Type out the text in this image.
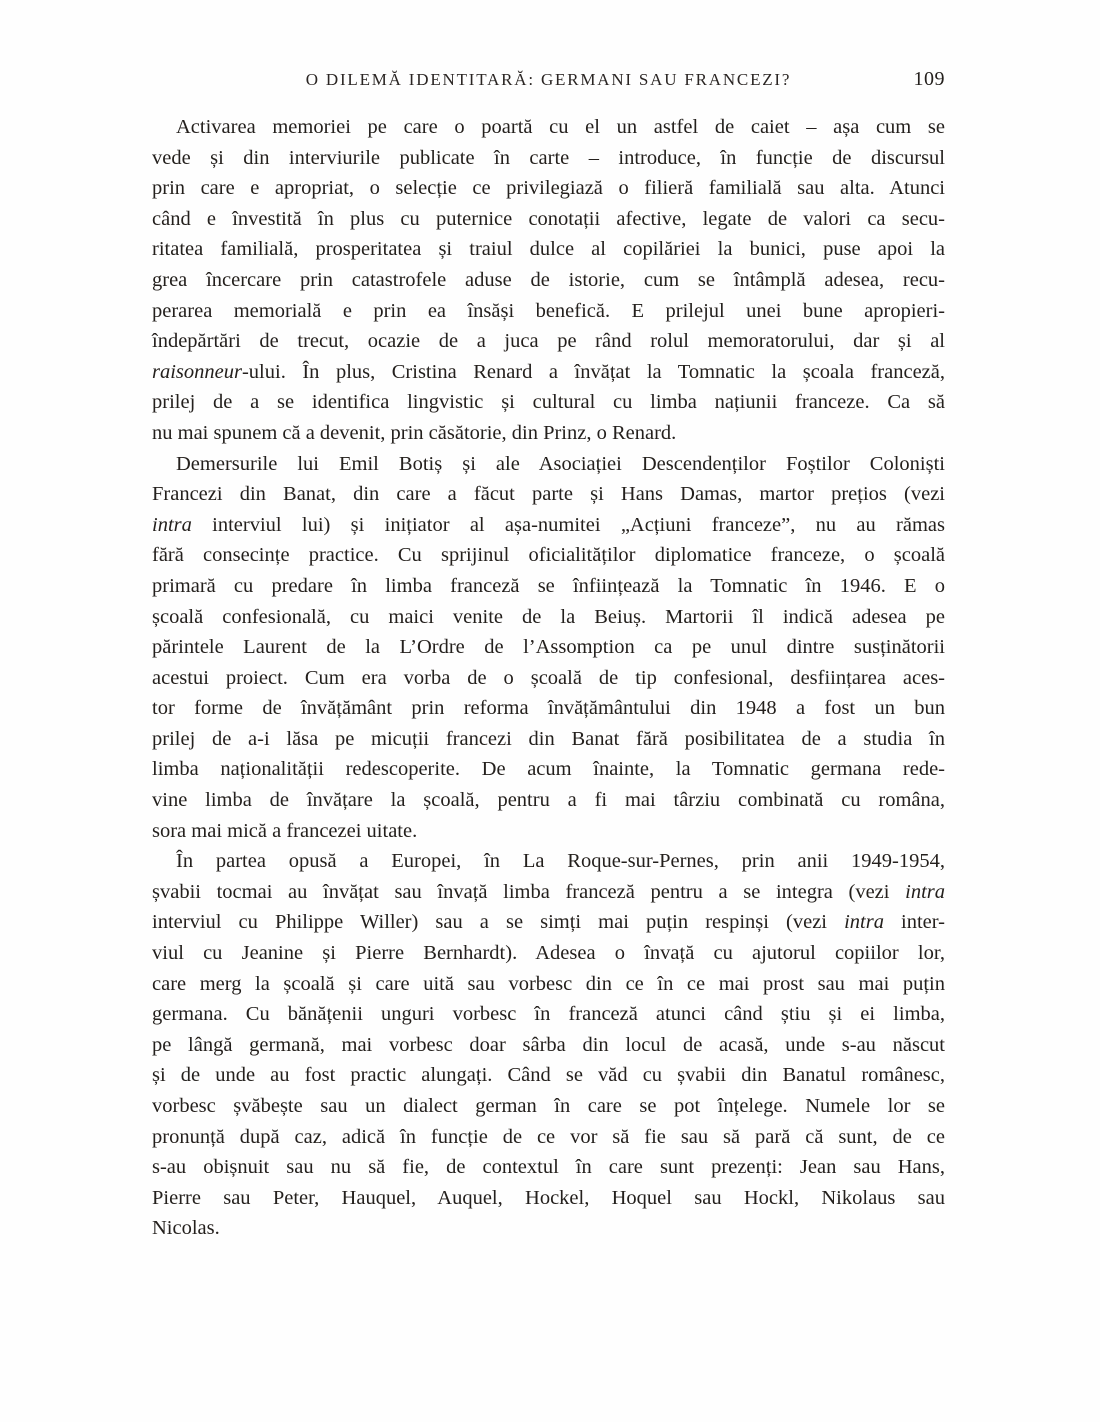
O DILEMĂ IDENTITARĂ: GERMANI SAU FRANCEZI?	109
Activarea memoriei pe care o poartă cu el un astfel de caiet – așa cum se
vede și din interviurile publicate în carte – introduce, în funcție de discursul
prin care e apropriat, o selecție ce privilegiază o filieră familială sau alta. Atunci
când e învestită în plus cu puternice conotații afective, legate de valori ca secu-
ritatea familială, prosperitatea și traiul dulce al copilăriei la bunici, puse apoi la
grea încercare prin catastrofele aduse de istorie, cum se întâmplă adesea, recu-
perarea memorială e prin ea însăși benefică. E prilejul unei bune apropieri-
îndepărtări de trecut, ocazie de a juca pe rând rolul memoratorului, dar și al
raisonneur-ului. În plus, Cristina Renard a învățat la Tomnatic la școala franceză,
prilej de a se identifica lingvistic și cultural cu limba națiunii franceze. Ca să
nu mai spunem că a devenit, prin căsătorie, din Prinz, o Renard.
Demersurile lui Emil Botiș și ale Asociației Descendenților Foștilor Coloniști
Francezi din Banat, din care a făcut parte și Hans Damas, martor prețios (vezi
intra interviul lui) și inițiator al așa-numitei „Acțiuni franceze”, nu au rămas
fără consecințe practice. Cu sprijinul oficialităților diplomatice franceze, o școală
primară cu predare în limba franceză se înființează la Tomnatic în 1946. E o
școală confesională, cu maici venite de la Beiuș. Martorii îl indică adesea pe
părintele Laurent de la L’Ordre de l’Assomption ca pe unul dintre susținătorii
acestui proiect. Cum era vorba de o școală de tip confesional, desființarea aces-
tor forme de învățământ prin reforma învățământului din 1948 a fost un bun
prilej de a-i lăsa pe micuții francezi din Banat fără posibilitatea de a studia în
limba naționalității redescoperite. De acum înainte, la Tomnatic germana rede-
vine limba de învățare la școală, pentru a fi mai târziu combinată cu româna,
sora mai mică a francezei uitate.
În partea opusă a Europei, în La Roque-sur-Pernes, prin anii 1949-1954,
șvabii tocmai au învățat sau învață limba franceză pentru a se integra (vezi intra
interviul cu Philippe Willer) sau a se simți mai puțin respinși (vezi intra inter-
viul cu Jeanine și Pierre Bernhardt). Adesea o învață cu ajutorul copiilor lor,
care merg la școală și care uită sau vorbesc din ce în ce mai prost sau mai puțin
germana. Cu bănățenii unguri vorbesc în franceză atunci când știu și ei limba,
pe lângă germană, mai vorbesc doar sârba din locul de acasă, unde s-au născut
și de unde au fost practic alungați. Când se văd cu șvabii din Banatul românesc,
vorbesc șvăbește sau un dialect german în care se pot înțelege. Numele lor se
pronunță după caz, adică în funcție de ce vor să fie sau să pară că sunt, de ce
s-au obișnuit sau nu să fie, de contextul în care sunt prezenți: Jean sau Hans,
Pierre sau Peter, Hauquel, Auquel, Hockel, Hoquel sau Hockl, Nikolaus sau
Nicolas.
